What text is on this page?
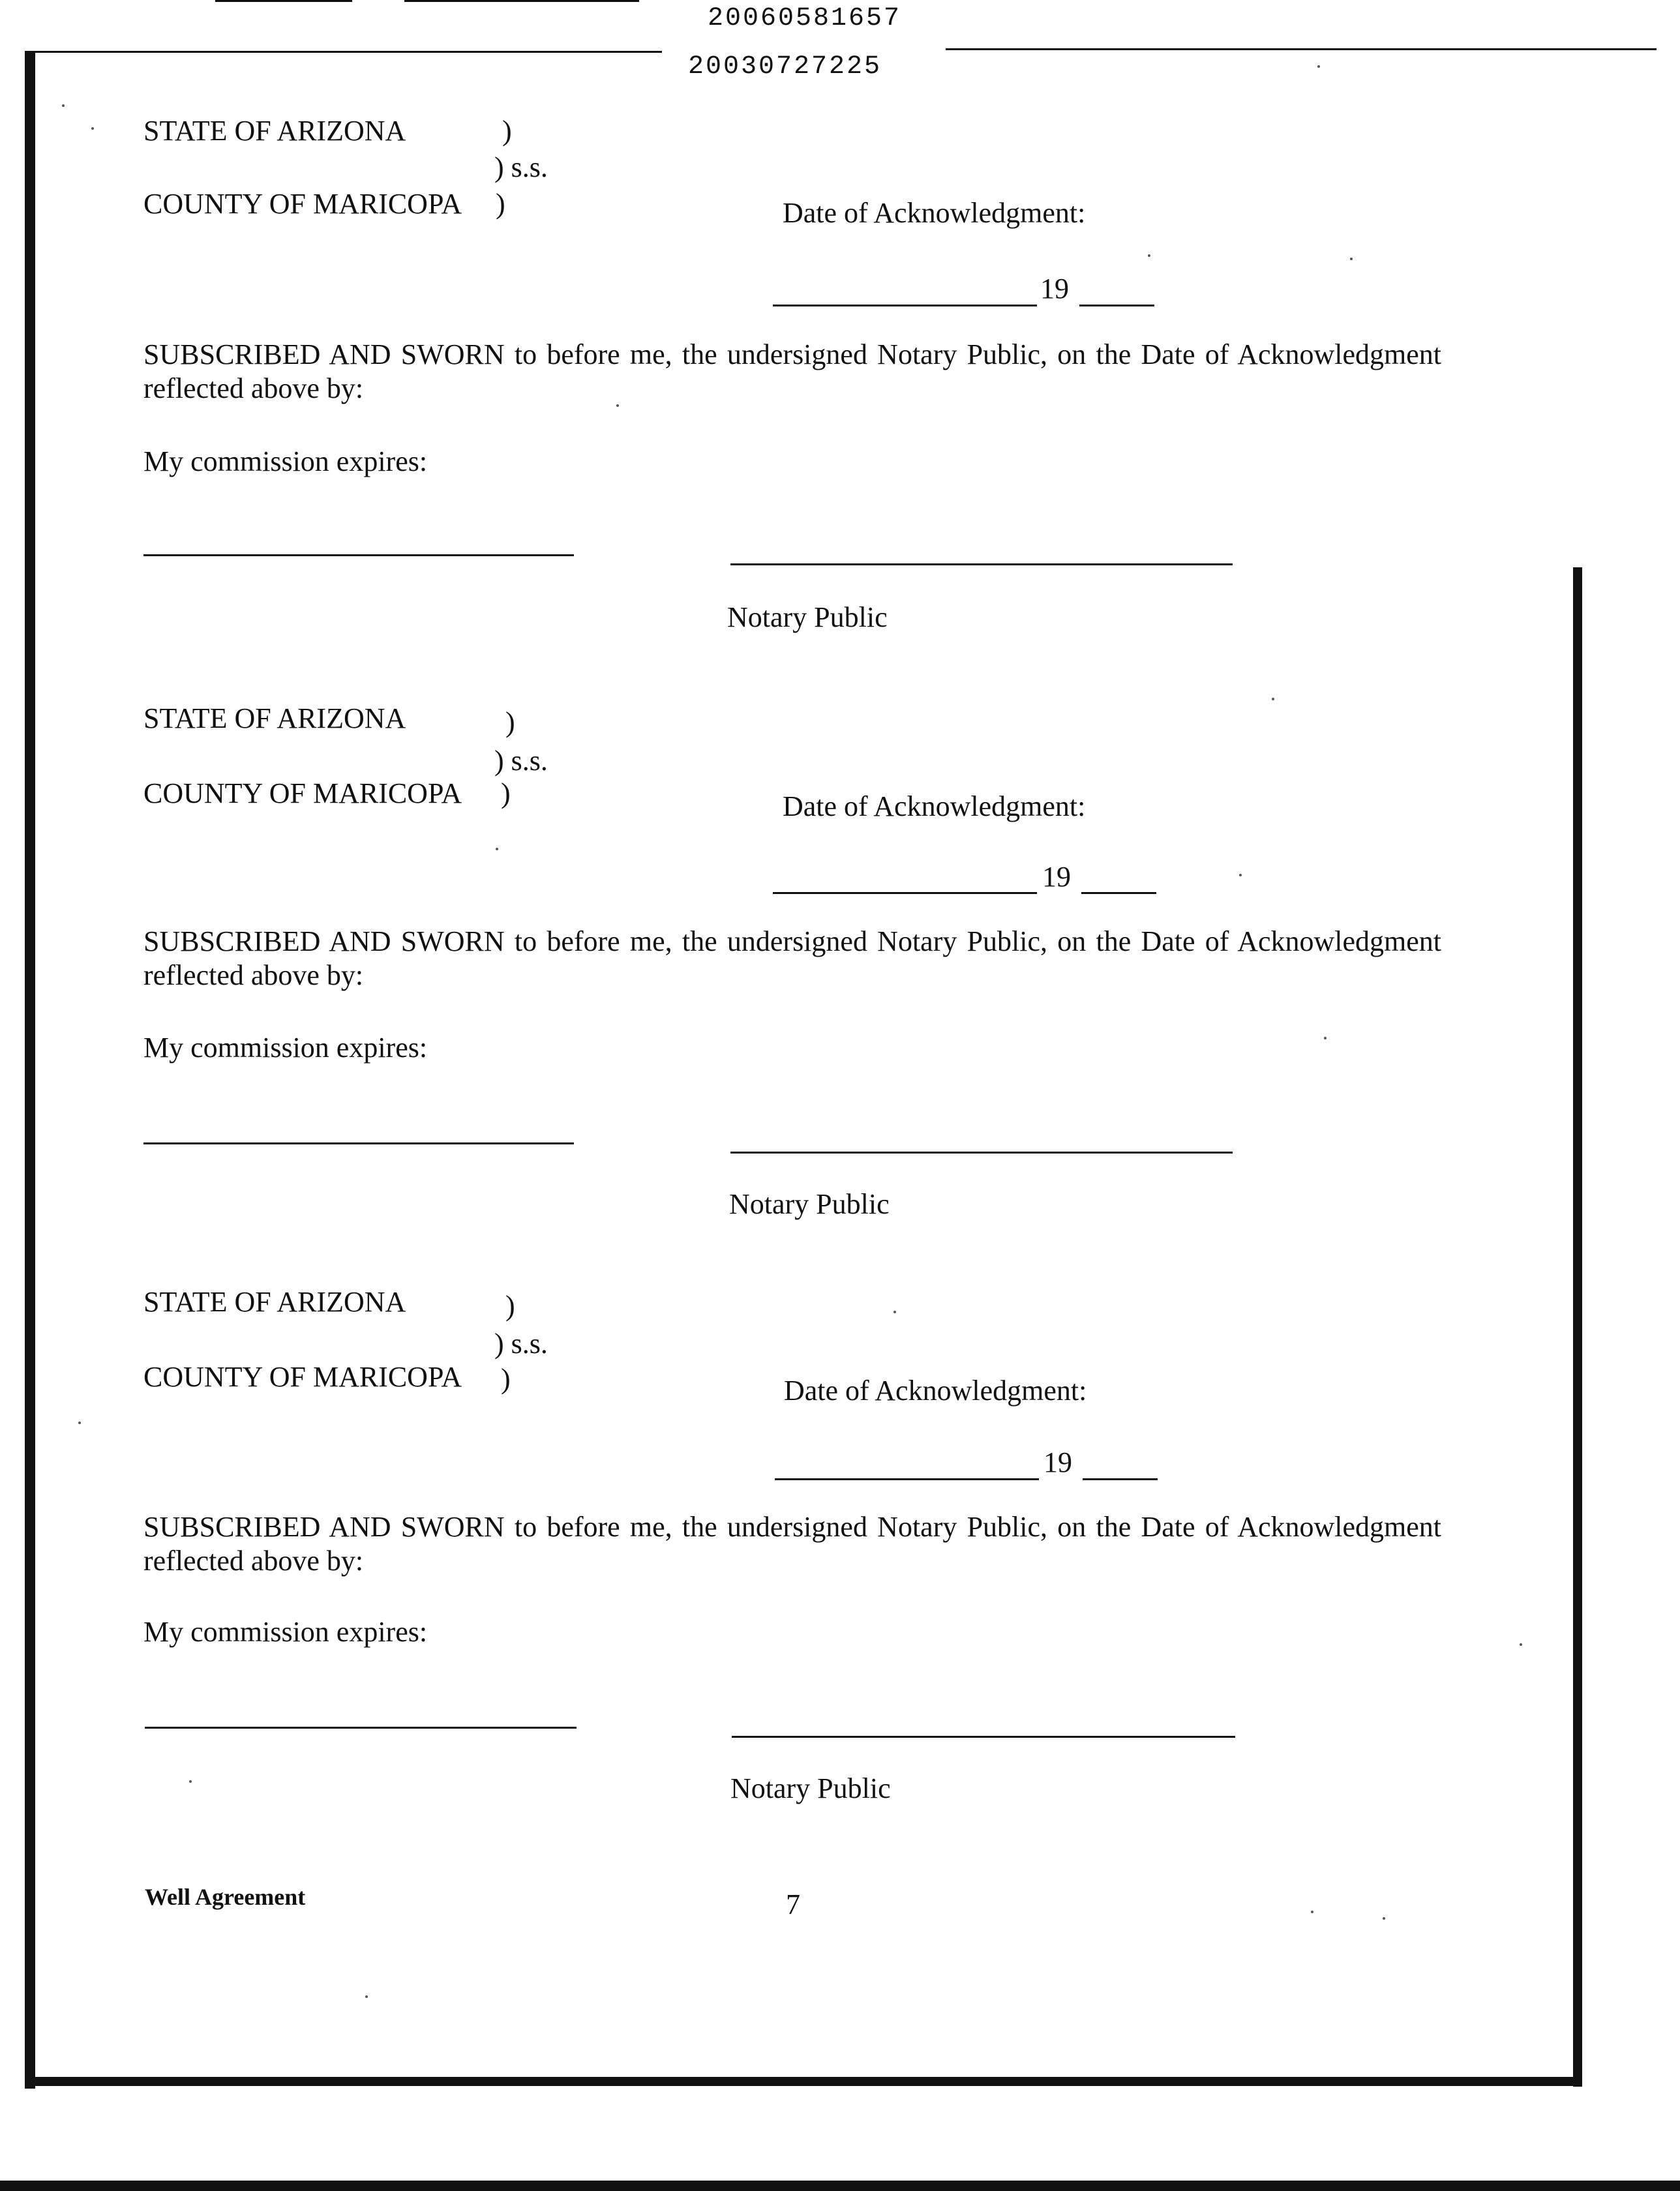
20060581657
20030727225
STATE OF ARIZONA	)
) s.s.
COUNTY OF MARICOPA )	Date of Acknowledgment:
19
SUBSCRIBED AND SWORN to before me, the undersigned Notary Public, on the Date of Acknowledgment reflected above by:
My commission expires:
Notary Public
STATE OF ARIZONA	)
) s.s.
COUNTY OF MARICOPA )	Date of Acknowledgment:
19
SUBSCRIBED AND SWORN to before me, the undersigned Notary Public, on the Date of Acknowledgment reflected above by:
My commission expires:
Notary Public
STATE OF ARIZONA	)
) s.s.
COUNTY OF MARICOPA )	Date of Acknowledgment:
19
SUBSCRIBED AND SWORN to before me, the undersigned Notary Public, on the Date of Acknowledgment reflected above by:
My commission expires:
Notary Public
Well Agreement	7
